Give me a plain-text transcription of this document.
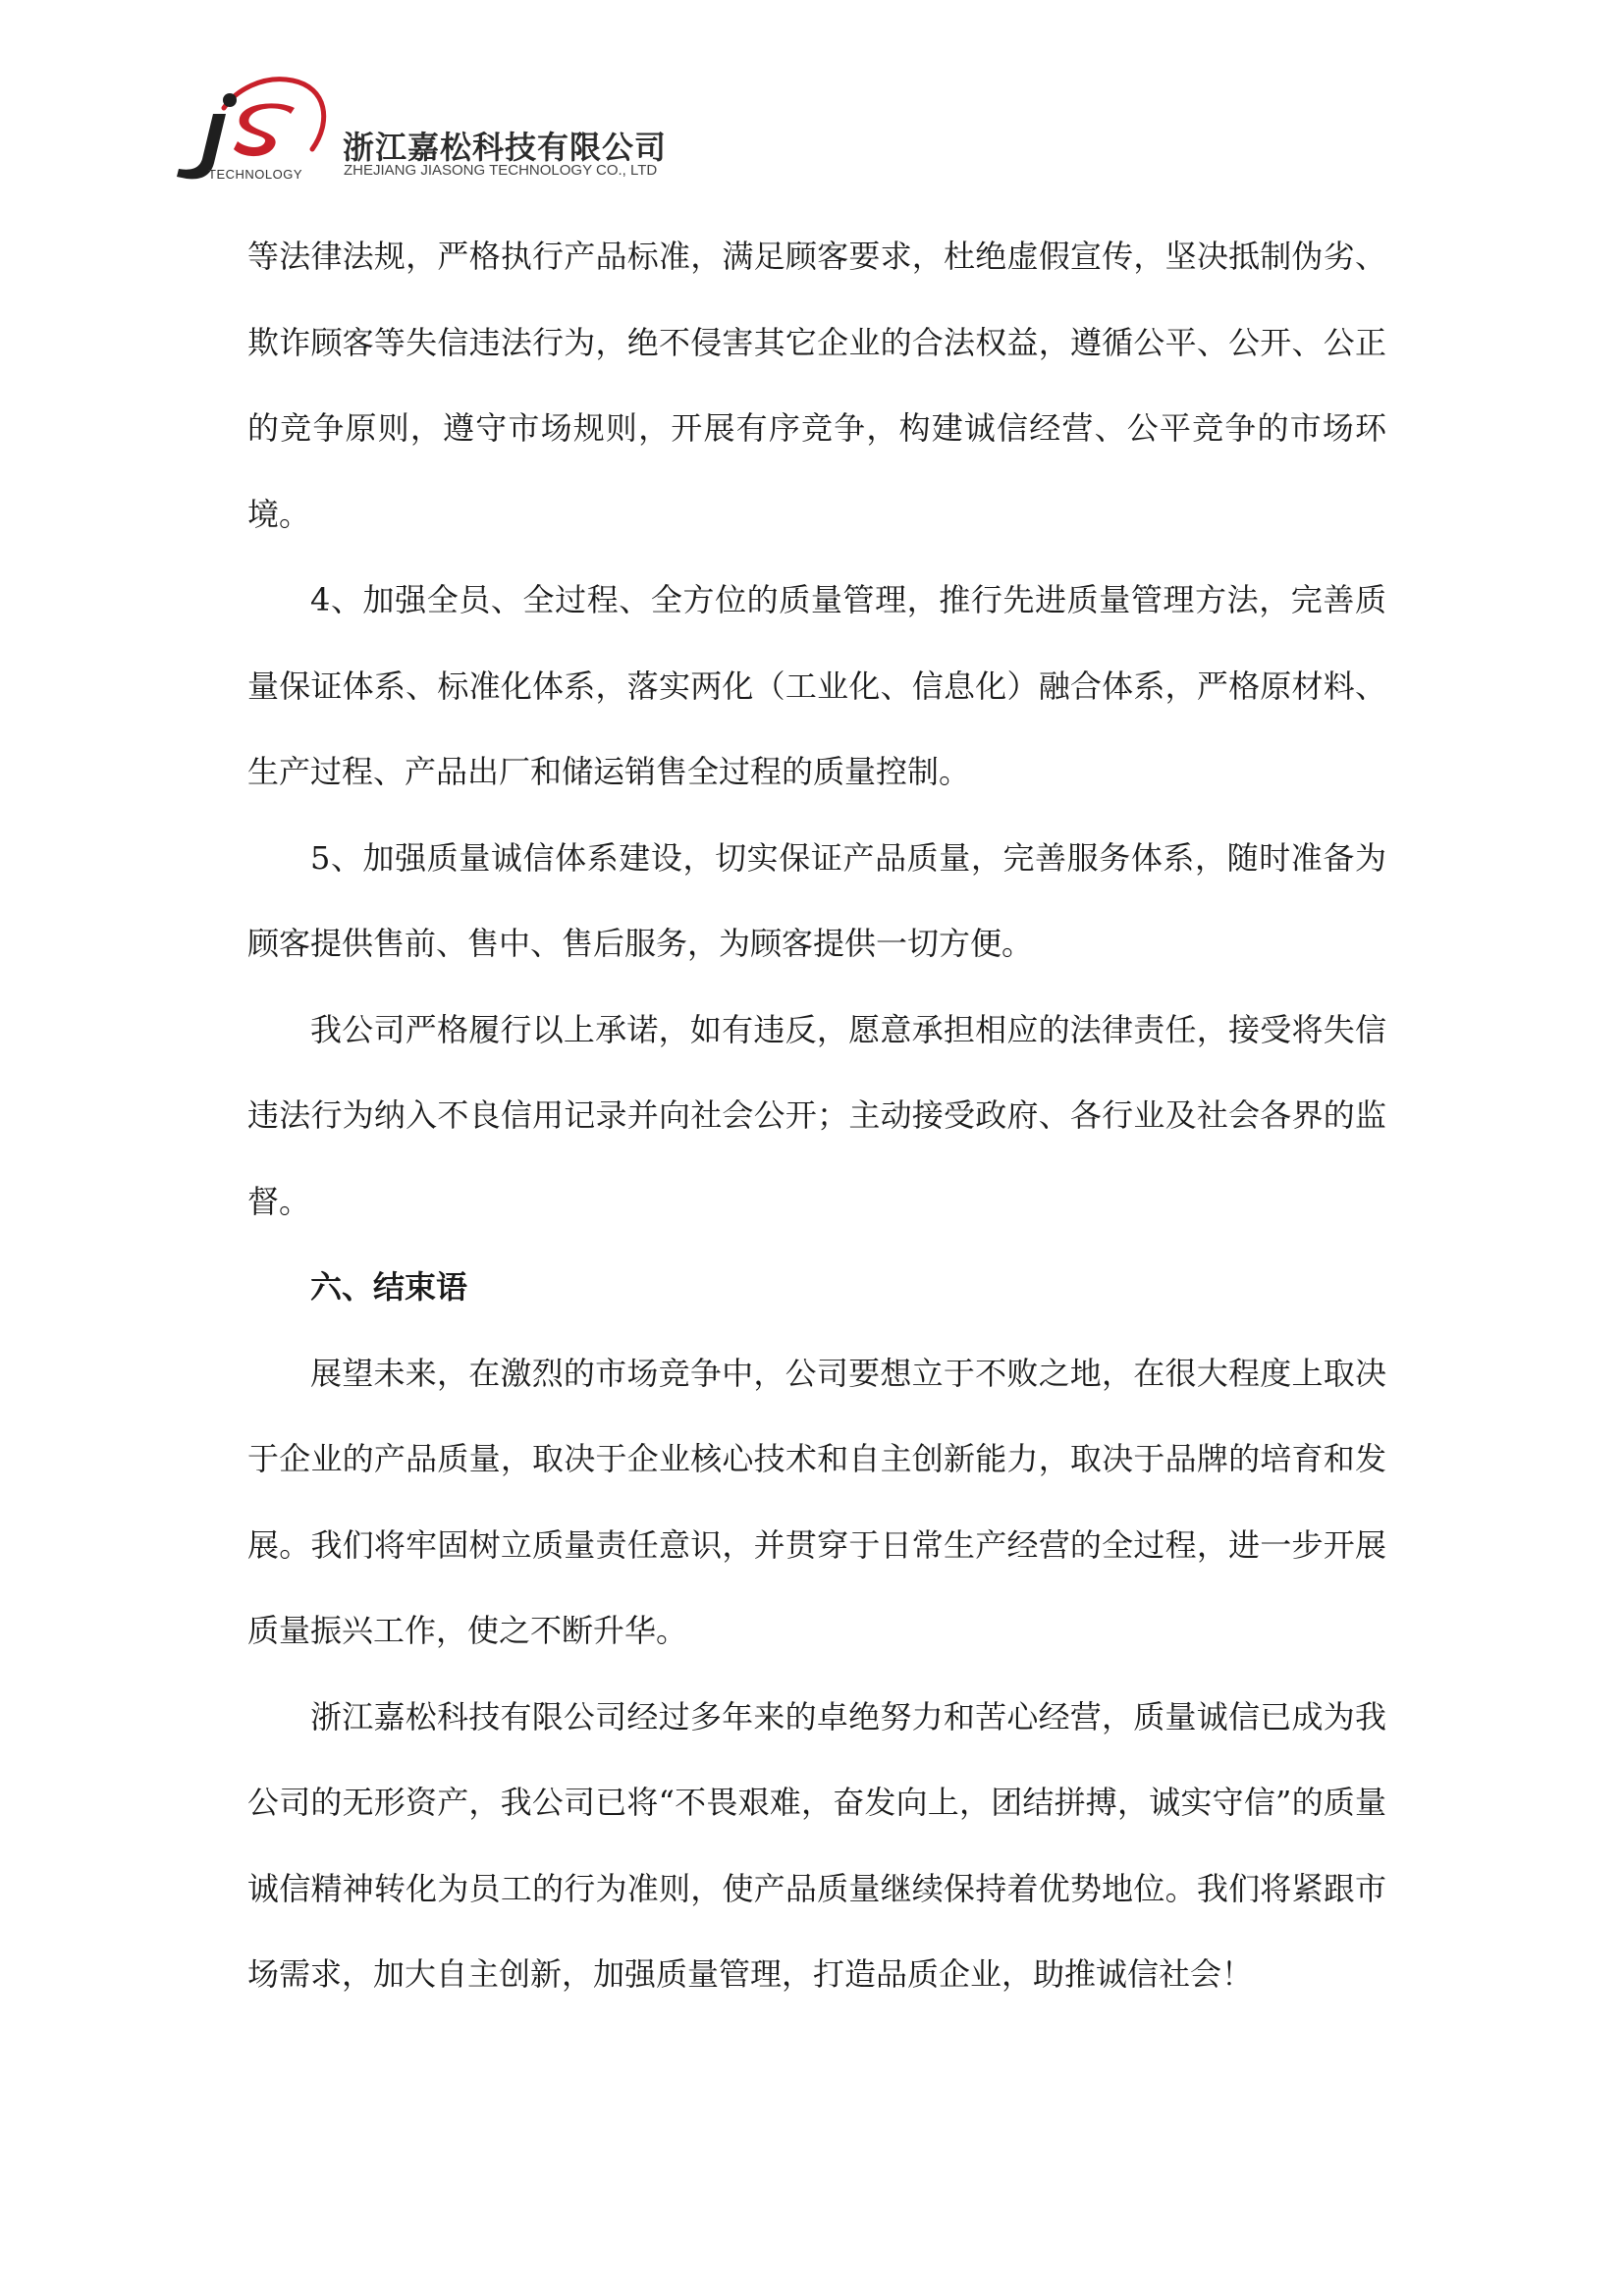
TECHNOLOGY
浙江嘉松科技有限公司
ZHEJIANG JIASONG TECHNOLOGY CO., LTD

等法律法规，严格执行产品标准，满足顾客要求，杜绝虚假宣传，坚决抵制伪劣、欺诈顾客等失信违法行为，绝不侵害其它企业的合法权益，遵循公平、公开、公正的竞争原则，遵守市场规则，开展有序竞争，构建诚信经营、公平竞争的市场环境。

4、加强全员、全过程、全方位的质量管理，推行先进质量管理方法，完善质量保证体系、标准化体系，落实两化（工业化、信息化）融合体系，严格原材料、生产过程、产品出厂和储运销售全过程的质量控制。

5、加强质量诚信体系建设，切实保证产品质量，完善服务体系，随时准备为顾客提供售前、售中、售后服务，为顾客提供一切方便。

我公司严格履行以上承诺，如有违反，愿意承担相应的法律责任，接受将失信违法行为纳入不良信用记录并向社会公开；主动接受政府、各行业及社会各界的监督。

六、结束语

展望未来，在激烈的市场竞争中，公司要想立于不败之地，在很大程度上取决于企业的产品质量，取决于企业核心技术和自主创新能力，取决于品牌的培育和发展。我们将牢固树立质量责任意识，并贯穿于日常生产经营的全过程，进一步开展质量振兴工作，使之不断升华。

浙江嘉松科技有限公司经过多年来的卓绝努力和苦心经营，质量诚信已成为我公司的无形资产，我公司已将“不畏艰难，奋发向上，团结拼搏，诚实守信”的质量诚信精神转化为员工的行为准则，使产品质量继续保持着优势地位。我们将紧跟市场需求，加大自主创新，加强质量管理，打造品质企业，助推诚信社会！
